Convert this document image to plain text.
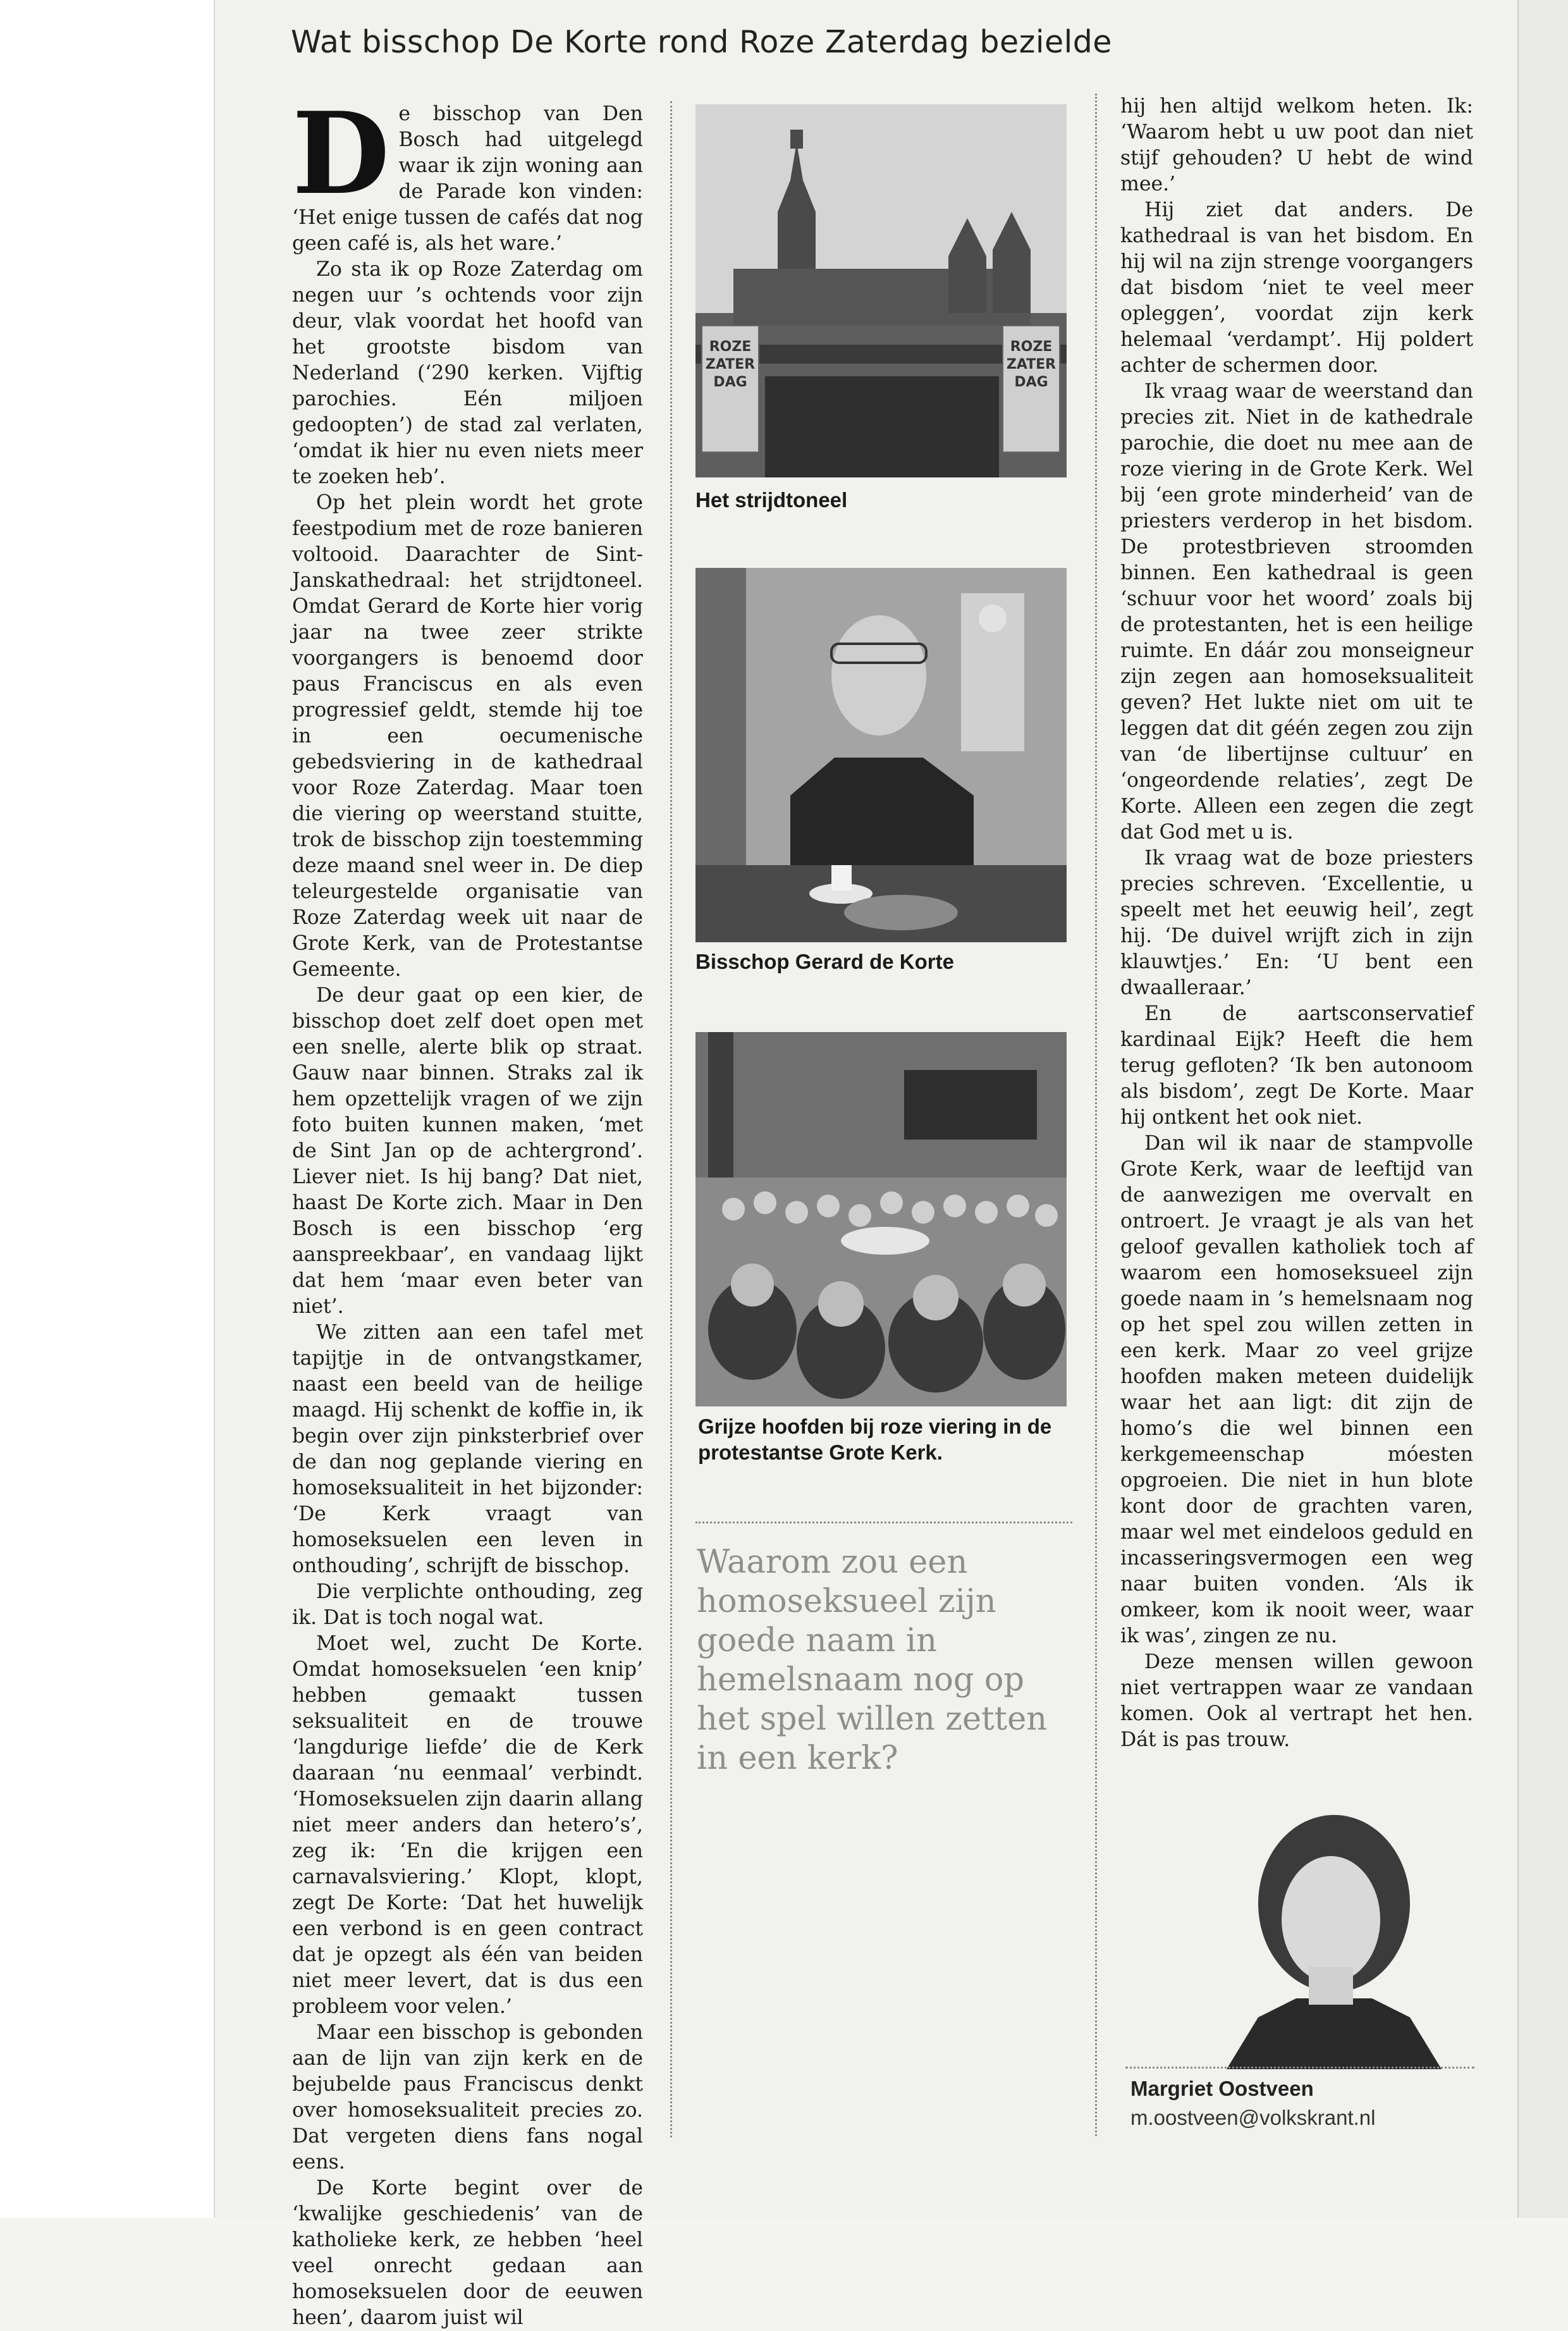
Wat bisschop De Korte rond Roze Zaterdag bezielde
D e bisschop van Den Bosch had uitgelegd waar ik zijn woning aan de Parade kon vinden: ‘Het enige tussen de cafés dat nog geen café is, als het ware.’

Zo sta ik op Roze Zaterdag om negen uur ’s ochtends voor zijn deur, vlak voordat het hoofd van het grootste bisdom van Nederland (‘290 kerken. Vijftig parochies. Eén miljoen gedoopten’) de stad zal verlaten, ‘omdat ik hier nu even niets meer te zoeken heb’.

Op het plein wordt het grote feestpodium met de roze banieren voltooid. Daarachter de Sint-Janskathedraal: het strijdtoneel. Omdat Gerard de Korte hier vorig jaar na twee zeer strikte voorgangers is benoemd door paus Franciscus en als even progressief geldt, stemde hij toe in een oecumenische gebedsviering in de kathedraal voor Roze Zaterdag. Maar toen die viering op weerstand stuitte, trok de bisschop zijn toestemming deze maand snel weer in. De diep teleurgestelde organisatie van Roze Zaterdag week uit naar de Grote Kerk, van de Protestantse Gemeente.

De deur gaat op een kier, de bisschop doet zelf doet open met een snelle, alerte blik op straat. Gauw naar binnen. Straks zal ik hem opzettelijk vragen of we zijn foto buiten kunnen maken, ‘met de Sint Jan op de achtergrond’. Liever niet. Is hij bang? Dat niet, haast De Korte zich. Maar in Den Bosch is een bisschop ‘erg aanspreekbaar’, en vandaag lijkt dat hem ‘maar even beter van niet’.

We zitten aan een tafel met tapijtje in de ontvangstkamer, naast een beeld van de heilige maagd. Hij schenkt de koffie in, ik begin over zijn pinksterbrief over de dan nog geplande viering en homoseksualiteit in het bijzonder: ‘De Kerk vraagt van homoseksuelen een leven in onthouding’, schrijft de bisschop.

Die verplichte onthouding, zeg ik. Dat is toch nogal wat.

Moet wel, zucht De Korte. Omdat homoseksuelen ‘een knip’ hebben gemaakt tussen seksualiteit en de trouwe ‘langdurige liefde’ die de Kerk daaraan ‘nu eenmaal’ verbindt. ‘Homoseksuelen zijn daarin allang niet meer anders dan hetero’s’, zeg ik: ‘En die krijgen een carnavalsviering.’ Klopt, klopt, zegt De Korte: ‘Dat het huwelijk een verbond is en geen contract dat je opzegt als één van beiden niet meer levert, dat is dus een probleem voor velen.’

Maar een bisschop is gebonden aan de lijn van zijn kerk en de bejubelde paus Franciscus denkt over homoseksualiteit precies zo. Dat vergeten diens fans nogal eens.

De Korte begint over de ‘kwalijke geschiedenis’ van de katholieke kerk, ze hebben ‘heel veel onrecht gedaan aan homoseksuelen door de eeuwen heen’, daarom juist wil

ROZE
ZATER
DAG
ROZE
ZATER
DAG
Het strijdtoneel
Bisschop Gerard de Korte
Grijze hoofden bij roze viering in de protestantse Grote Kerk.
Waarom zou een homoseksueel zijn goede naam in hemelsnaam nog op het spel willen zetten in een kerk?

hij hen altijd welkom heten. Ik: ‘Waarom hebt u uw poot dan niet stijf gehouden? U hebt de wind mee.’

Hij ziet dat anders. De kathedraal is van het bisdom. En hij wil na zijn strenge voorgangers dat bisdom ‘niet te veel meer opleggen’, voordat zijn kerk helemaal ‘verdampt’. Hij poldert achter de schermen door.

Ik vraag waar de weerstand dan precies zit. Niet in de kathedrale parochie, die doet nu mee aan de roze viering in de Grote Kerk. Wel bij ‘een grote minderheid’ van de priesters verderop in het bisdom. De protestbrieven stroomden binnen. Een kathedraal is geen ‘schuur voor het woord’ zoals bij de protestanten, het is een heilige ruimte. En dáár zou monseigneur zijn zegen aan homoseksualiteit geven? Het lukte niet om uit te leggen dat dit géén zegen zou zijn van ‘de libertijnse cultuur’ en ‘ongeordende relaties’, zegt De Korte. Alleen een zegen die zegt dat God met u is.

Ik vraag wat de boze priesters precies schreven. ‘Excellentie, u speelt met het eeuwig heil’, zegt hij. ‘De duivel wrijft zich in zijn klauwtjes.’ En: ‘U bent een dwaalleraar.’

En de aartsconservatief kardinaal Eijk? Heeft die hem terug gefloten? ‘Ik ben autonoom als bisdom’, zegt De Korte. Maar hij ontkent het ook niet.

Dan wil ik naar de stampvolle Grote Kerk, waar de leeftijd van de aanwezigen me overvalt en ontroert. Je vraagt je als van het geloof gevallen katholiek toch af waarom een homoseksueel zijn goede naam in ’s hemelsnaam nog op het spel zou willen zetten in een kerk. Maar zo veel grijze hoofden maken meteen duidelijk waar het aan ligt: dit zijn de homo’s die wel binnen een kerkgemeenschap móesten opgroeien. Die niet in hun blote kont door de grachten varen, maar wel met eindeloos geduld en incasseringsvermogen een weg naar buiten vonden. ‘Als ik omkeer, kom ik nooit weer, waar ik was’, zingen ze nu.

Deze mensen willen gewoon niet vertrappen waar ze vandaan komen. Ook al vertrapt het hen. Dát is pas trouw.

Margriet Oostveen
m.oostveen@volkskrant.nl
